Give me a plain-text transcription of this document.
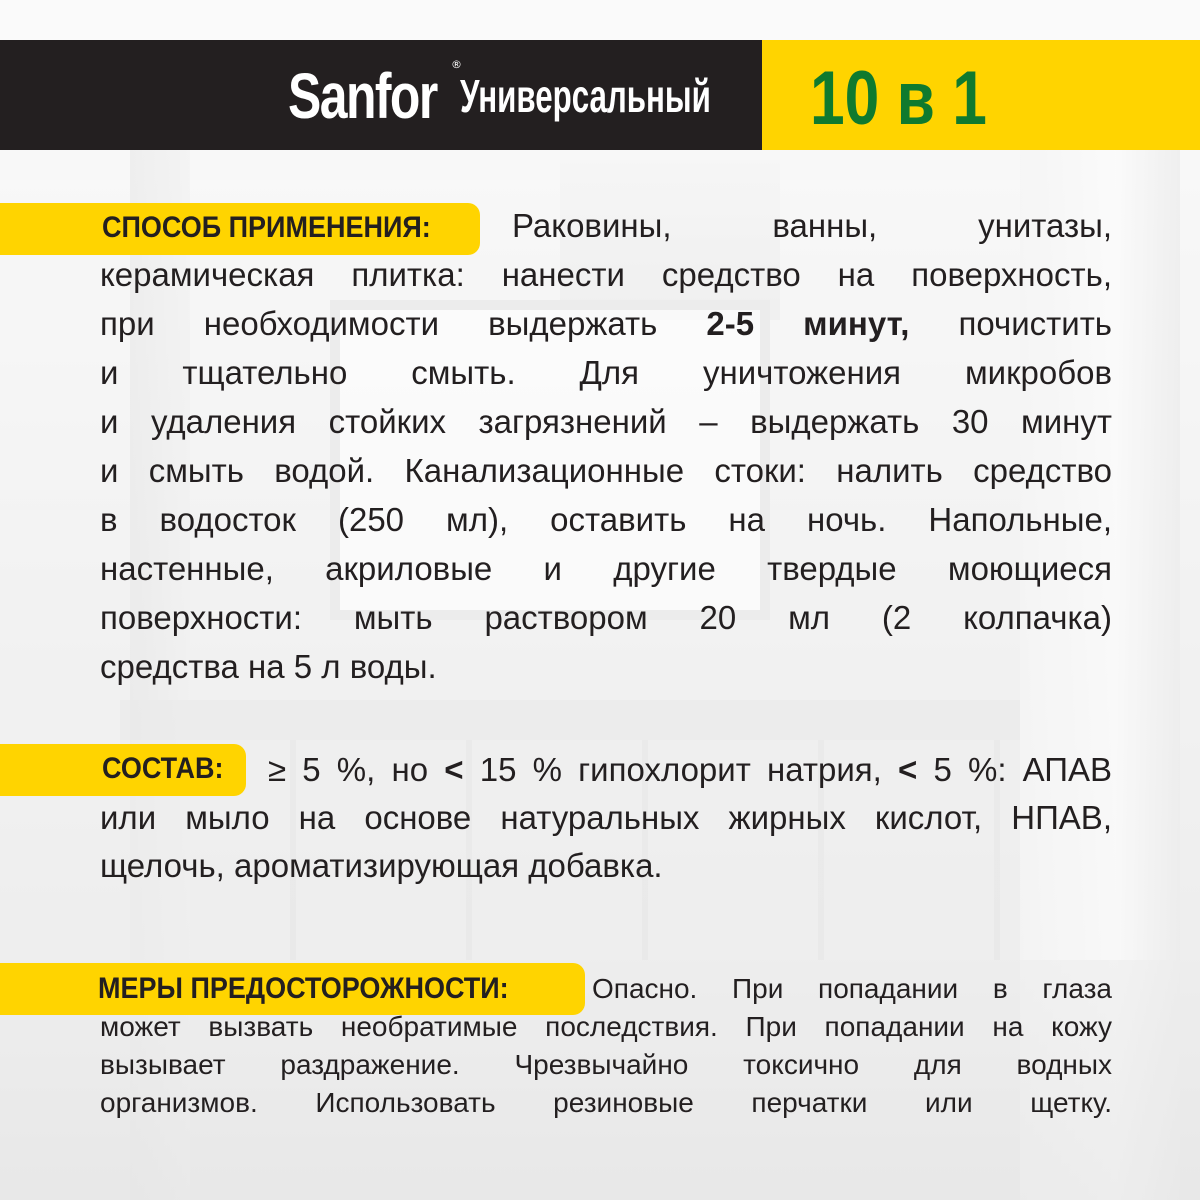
Sanfor ®
Универсальный 10 в 1
СПОСОБ ПРИМЕНЕНИЯ:	Раковины, ванны, унитазы,
керамическая плитка: нанести средство на поверхность,
при необходимости выдержать 2-5 минут, почистить
и тщательно смыть. Для уничтожения микробов
и удаления стойких загрязнений – выдержать 30 минут
и смыть водой. Канализационные стоки: налить средство
в водосток (250 мл), оставить на ночь. Напольные,
настенные, акриловые и другие твердые моющиеся
поверхности: мыть раствором 20 мл (2 колпачка)
средства на 5 л воды.
СОСТАВ:	≥ 5 %, но < 15 % гипохлорит натрия, < 5 %: АПАВ
или мыло на основе натуральных жирных кислот, НПАВ,
щелочь, ароматизирующая добавка.
МЕРЫ ПРЕДОСТОРОЖНОСТИ:	Опасно. При попадании в глаза
может вызвать необратимые последствия. При попадании на кожу
вызывает раздражение. Чрезвычайно токсично для водных
организмов. Использовать резиновые перчатки или щетку.
